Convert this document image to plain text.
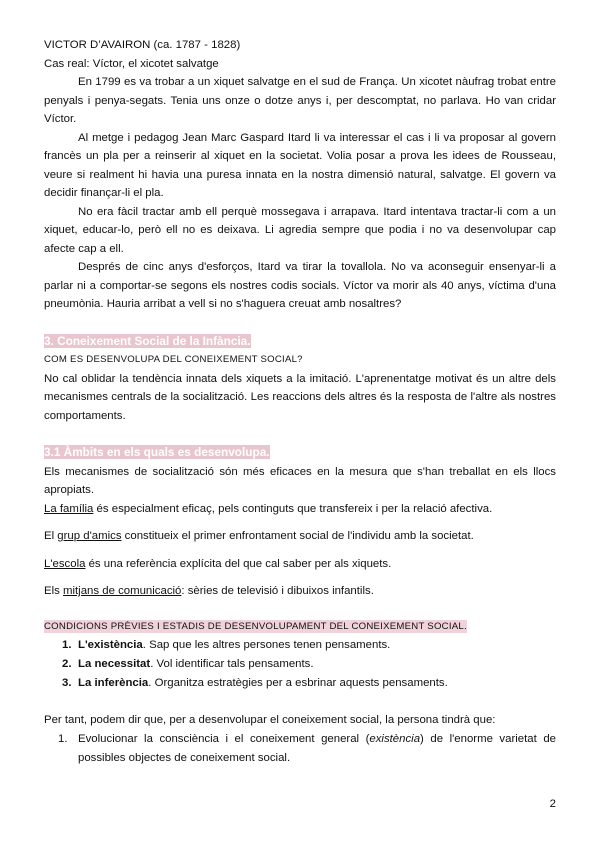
VICTOR D’AVAIRON (ca. 1787 - 1828)

Cas real: Víctor, el xicotet salvatge

En 1799 es va trobar a un xiquet salvatge en el sud de França. Un xicotet nàufrag trobat entre penyals i penya-segats. Tenia uns onze o dotze anys i, per descomptat, no parlava. Ho van cridar Víctor.

Al metge i pedagog Jean Marc Gaspard Itard li va interessar el cas i li va proposar al govern francès un pla per a reinserir al xiquet en la societat. Volia posar a prova les idees de Rousseau, veure si realment hi havia una puresa innata en la nostra dimensió natural, salvatge. El govern va decidir finançar-li el pla.

No era fàcil tractar amb ell perquè mossegava i arrapava. Itard intentava tractar-li com a un xiquet, educar-lo, però ell no es deixava. Li agredia sempre que podia i no va desenvolupar cap afecte cap a ell.

Després de cinc anys d'esforços, Itard va tirar la tovallola. No va aconseguir ensenyar-li a parlar ni a comportar-se segons els nostres codis socials. Víctor va morir als 40 anys, víctima d'una pneumònia. Hauria arribat a vell si no s'haguera creuat amb nosaltres?

3. Coneixement Social de la Infància.

COM ES DESENVOLUPA DEL CONEIXEMENT SOCIAL?

No cal oblidar la tendència innata dels xiquets a la imitació. L'aprenentatge motivat és un altre dels mecanismes centrals de la socialització. Les reaccions dels altres és la resposta de l'altre als nostres comportaments.

3.1 Àmbits en els quals es desenvolupa.

Els mecanismes de socialització són més eficaces en la mesura que s'han treballat en els llocs apropiats.

La família és especialment eficaç, pels continguts que transfereix i per la relació afectiva.

El grup d'amics constitueix el primer enfrontament social de l'individu amb la societat.

L'escola és una referència explícita del que cal saber per als xiquets.

Els mitjans de comunicació: sèries de televisió i dibuixos infantils.

CONDICIONS PRÈVIES I ESTADIS DE DESENVOLUPAMENT DEL CONEIXEMENT SOCIAL.

1. L'existència. Sap que les altres persones tenen pensaments.
2. La necessitat. Vol identificar tals pensaments.
3. La inferència. Organitza estratègies per a esbrinar aquests pensaments.

Per tant, podem dir que, per a desenvolupar el coneixement social, la persona tindrà que:

1. Evolucionar la consciència i el coneixement general (existència) de l'enorme varietat de possibles objectes de coneixement social.
2
